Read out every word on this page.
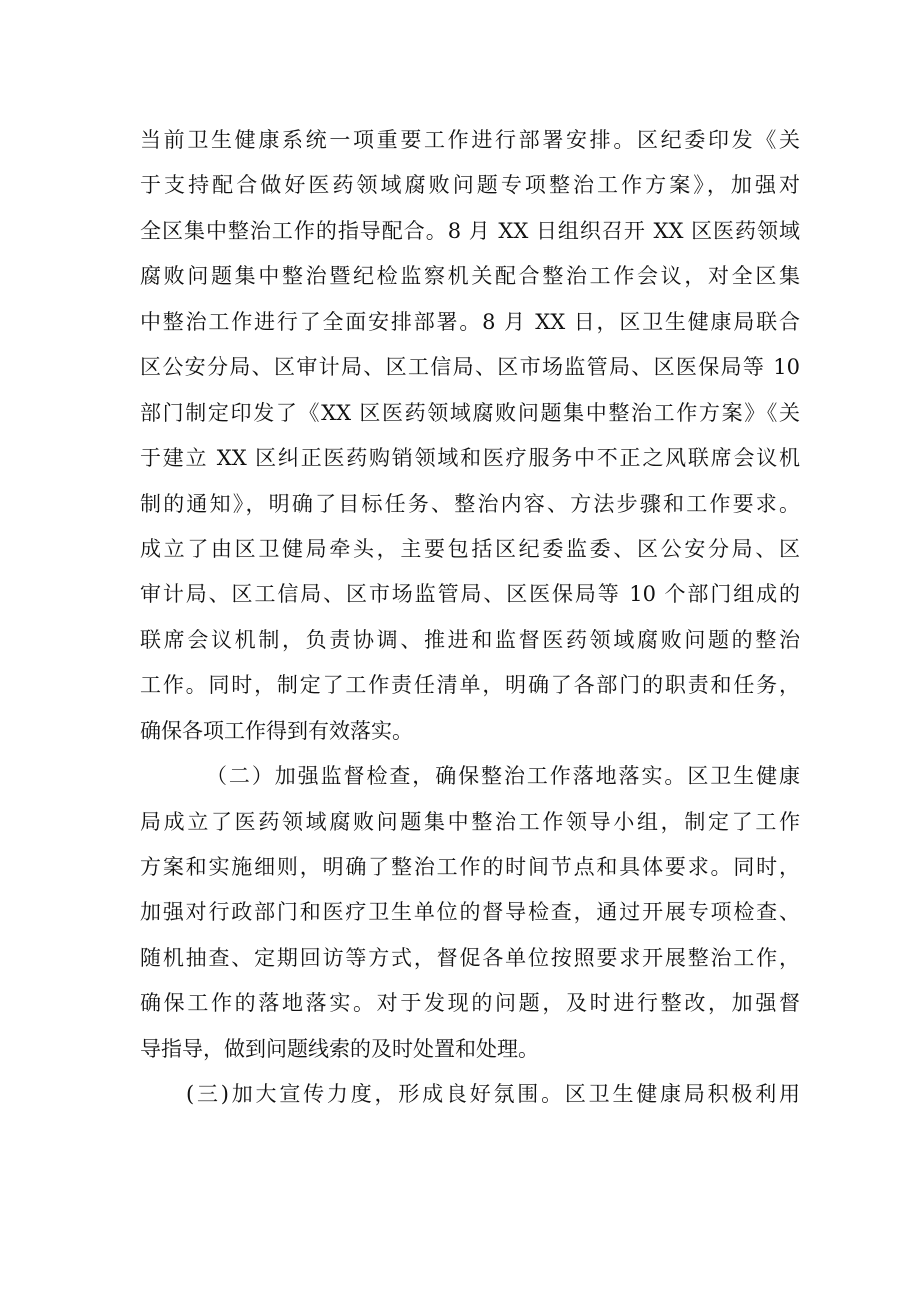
当前卫生健康系统一项重要工作进行部署安排。区纪委印发《关
于支持配合做好医药领域腐败问题专项整治工作方案》，加强对
全区集中整治工作的指导配合。8 月 XX 日组织召开 XX 区医药领域
腐败问题集中整治暨纪检监察机关配合整治工作会议，对全区集
中整治工作进行了全面安排部署。8 月 XX 日，区卫生健康局联合
区公安分局、区审计局、区工信局、区市场监管局、区医保局等 10
部门制定印发了《XX 区医药领域腐败问题集中整治工作方案》《关
于建立 XX 区纠正医药购销领域和医疗服务中不正之风联席会议机
制的通知》，明确了目标任务、整治内容、方法步骤和工作要求。
成立了由区卫健局牵头，主要包括区纪委监委、区公安分局、区
审计局、区工信局、区市场监管局、区医保局等 10 个部门组成的
联席会议机制，负责协调、推进和监督医药领域腐败问题的整治
工作。同时，制定了工作责任清单，明确了各部门的职责和任务，
确保各项工作得到有效落实。
（二）加强监督检查，确保整治工作落地落实。区卫生健康
局成立了医药领域腐败问题集中整治工作领导小组，制定了工作
方案和实施细则，明确了整治工作的时间节点和具体要求。同时，
加强对行政部门和医疗卫生单位的督导检查，通过开展专项检查、
随机抽查、定期回访等方式，督促各单位按照要求开展整治工作，
确保工作的落地落实。对于发现的问题，及时进行整改，加强督
导指导，做到问题线索的及时处置和处理。
(三)加大宣传力度，形成良好氛围。区卫生健康局积极利用
